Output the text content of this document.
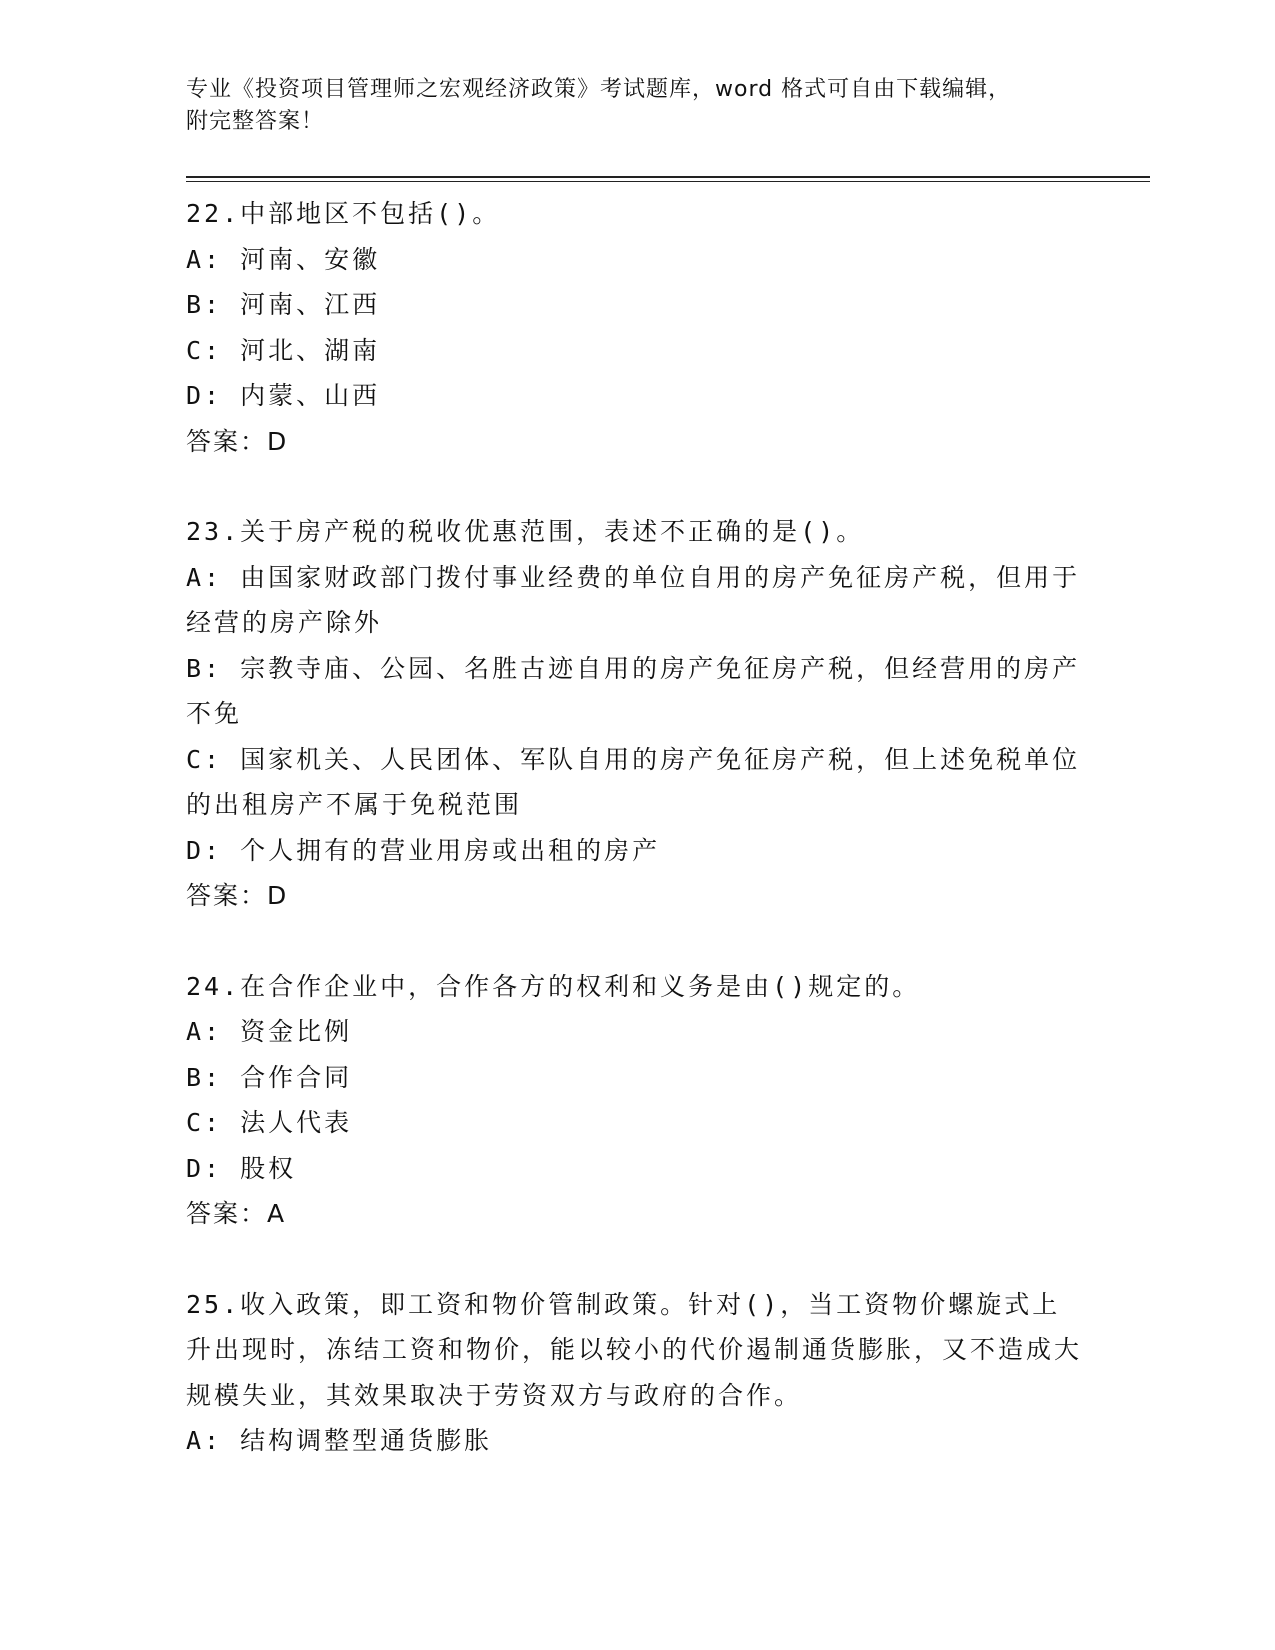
专业《投资项目管理师之宏观经济政策》考试题库，word 格式可自由下载编辑，
附完整答案！
22.中部地区不包括()。
A: 河南、安徽
B: 河南、江西
C: 河北、湖南
D: 内蒙、山西
答案：D
23.关于房产税的税收优惠范围，表述不正确的是()。
A: 由国家财政部门拨付事业经费的单位自用的房产免征房产税，但用于经营的房产除外
B: 宗教寺庙、公园、名胜古迹自用的房产免征房产税，但经营用的房产不免
C: 国家机关、人民团体、军队自用的房产免征房产税，但上述免税单位的出租房产不属于免税范围
D: 个人拥有的营业用房或出租的房产
答案：D
24.在合作企业中，合作各方的权利和义务是由()规定的。
A: 资金比例
B: 合作合同
C: 法人代表
D: 股权
答案：A
25.收入政策，即工资和物价管制政策。针对()，当工资物价螺旋式上升出现时，冻结工资和物价，能以较小的代价遏制通货膨胀，又不造成大规模失业，其效果取决于劳资双方与政府的合作。
A: 结构调整型通货膨胀
